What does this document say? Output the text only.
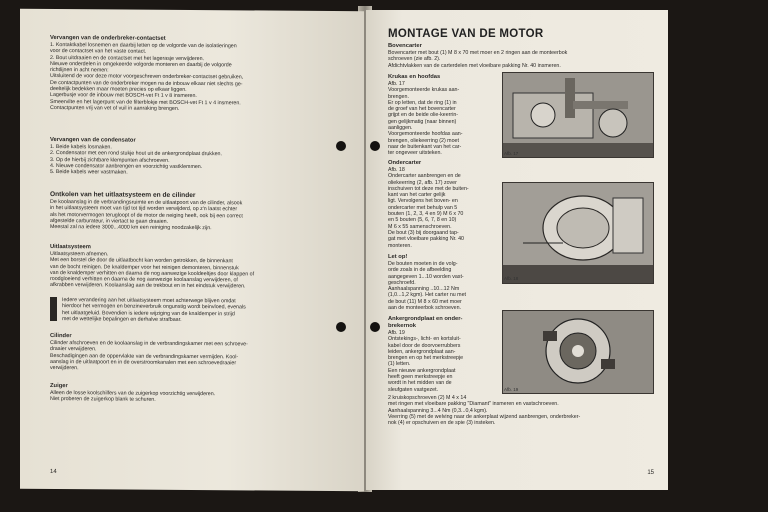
Vervangen van de onderbreker-contactset

1. Kontaktkabel losnemen en daarbij letten op de volgorde van de isolatieringen

voor de contactset van het vaste contact.

2. Bout uitdraaien en de contactset met het lagerasje verwijderen.

Nieuwe onderdelen in omgekeerde volgorde monteren en daarbij de volgorde

richtlijnen in acht nemen:

Uitsluitend de voor deze motor voorgeschreven onderbreker-contactset gebruiken,

De contactpunten van de onderbreker mogen na de inbouw elkaar niet slechts ge-

deeltelijk bedekken maar moeten precies op elkaar liggen.

Lagerbusje voor de inbouw met BOSCH-vet Ft 1 v 8 insmeren.

Smeervilte en het lagerpunt van de filterblokje met BOSCH-vet Ft 1 v 4 insmeren.

Contactpunten vrij van vet of vuil in aanraking brengen.

Vervangen van de condensator

1. Beide kabels losmaken.

2. Condensator met een rond stukje hout uit de ankergrondplaat drukken.

3. Op de hierbij zichtbare klempunten afschroeven.

4. Nieuwe condensator aanbrengen en voorzichtig vastklemmen.

5. Beide kabels weer vastmaken.

Ontkolen van het uitlaatsysteem en de cilinder

De koolaanslag in de verbrandingsruimte en de uitlaatpoort van de cilinder, alsook

in het uitlaatsysteem moet van tijd tot tijd worden verwijderd, op z'n laatst echter

als het motorvermogen terugloopt of de motor de neiging heeft, ook bij een correct

afgestelde carburateur, in viertact te gaan draaien.

Meestal zal na iedere 3000...4000 km een reiniging noodzakelijk zijn.

Uitlaatsysteem

Uitlaatsysteem afnemen.

Met een borstel die door de uitlaatbocht kan worden getrokken, de binnenkant

van de bocht reinigen. De knaldemper voor het reinigen demonteren, binnenstuk

van de knaldemper verhitten en daarna de nog aanwezige kooldeeltjes door klappen of

roodgloeiend verhitten en daarna de nog aanwezige koolaanslag verwijderen, of

afkrabben verwijderen. Koolaanslag aan de trekbout en in het eindstuk verwijderen.

Iedere verandering aan het uitlaatsysteem moet achterwege blijven omdat

hierdoor het vermogen en benzineverbruik ongunstig wordt beinvloed, evenals

het uitlaatgeluid. Bovendien is iedere wijziging van de knaldemper in strijd

met de wettelijke bepalingen en derhalve strafbaar.

Cilinder

Cilinder afschroeven en de koolaanslag in de verbrandingskamer met een schroeve-

draaier verwijderen.

Beschadigingen aan de oppervlakte van de verbrandingskamer vermijden. Kool-

aanslag in de uitlaatpoort en in de overstroomkanalen met een schroevedraaier

verwijderen.

Zuiger

Alleen de losse koolschilfers van de zuigerkop voorzichtig verwijderen.

Niet proberen de zuigerkop blank te schuren.

14
MONTAGE VAN DE MOTOR

Bovencarter

Bovencarter met bout (1) M 8 x 70 met moer en 2 ringen aan de monteerbok

schroeven (zie afb. 2).

Afdichtvlakken van de carterdelen met vloeibare pakking Nr. 40 insmeren.

Krukas en hoofdas

Afb. 17

Voorgemonteerde krukas aan-

brengen.

Er op letten, dat de ring (1) in

de groef van het bovencarter

grijpt en de beide olie-keerrin-

gen gelijkmatig (naar binnen)

aanliggen.

Voorgemonteerde hoofdas aan-

brengen, oliekeerring (2) moet

naar de buitenkant van het car-

ter ongeveer uitsteken.

Ondercarter

Afb. 18

Ondercarter aanbrengen en de

oliekeerring (2, afb. 17) zover

inschuiven tot deze met de buiten-

kant van het carter gelijk

ligt. Vervolgens het boven- en

ondercarter met behulp van 5

bouten (1, 2, 3, 4 en 9) M 6 x 70

en 5 bouten (5, 6, 7, 8 en 10)

M 6 x 55 samenschroeven.

De bout (3) bij doorgaand tap-

gat met vloeibare pakking Nr. 40

monteren.

Let op!

De bouten moeten in de volg-

orde zoals in de afbeelding

aangegeven 1...10 worden vast-

geschroefd.

Aanhaalspanning ..10...12 Nm

(1,0...1,2 kgm). Het carter nu met

de bout (11) M 8 x 60 met moer

aan de monteerbok schroeven.

Ankergrondplaat en onder-

brekernok

Afb. 19

Ontstekings-, licht- en kortsluit-

kabel door de doorvoerrubbers

leiden, ankergrondplaat aan-

brengen en op het merkstreepje

(1) letten.

Een nieuwe ankergrondplaat

heeft geen merkstreepje en

wordt in het midden van de

sleufgaten vastgezet.

2 kruiskopschroeven (2) M 4 x 14

met ringen met vloeibare pakking "Diamant" insmeren en vastschroeven.

Aanhaalspanning 3...4 Nm (0,3...0,4 kgm).

Veerring (5) met de welving naar de ankerplaat wijzend aanbrengen, onderbreker-

nok (4) er opschuiven en de spie (3) insteken.

Afb. 17
Afb. 18
Afb. 19
15
